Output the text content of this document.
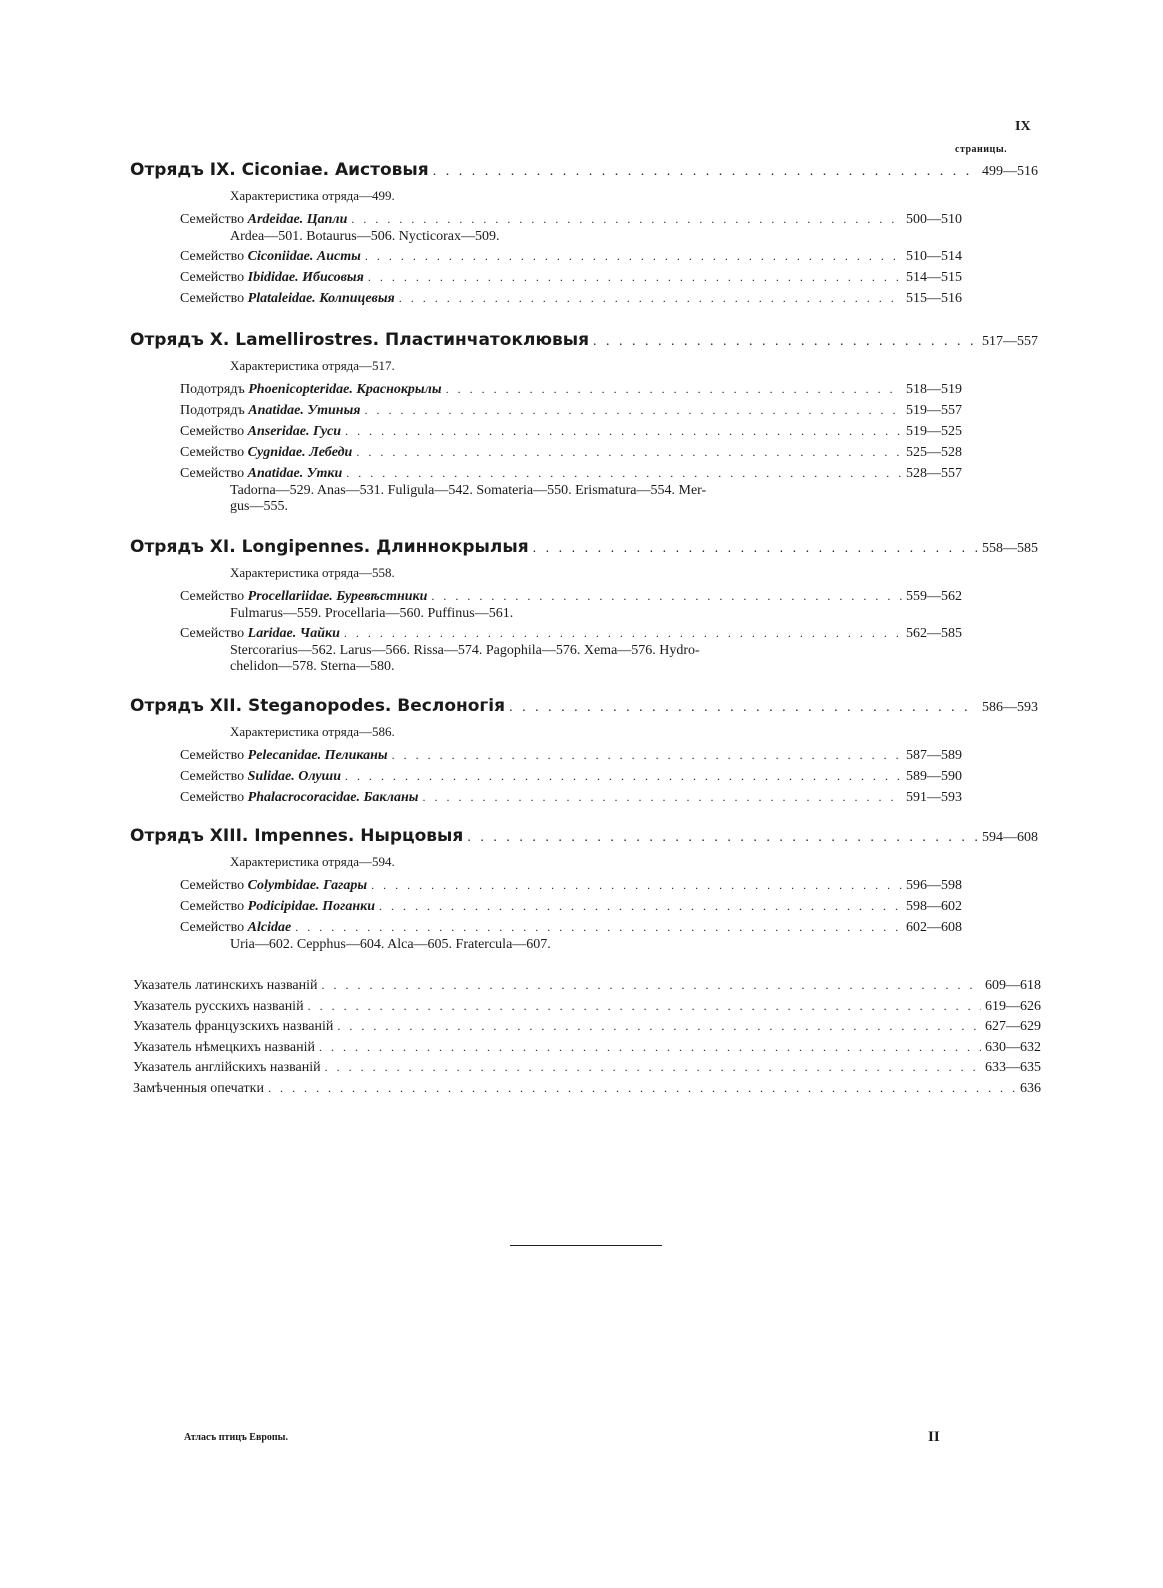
IX
страницы.
Отрядъ IX. Ciconiae. Аистовыя . . .	499—516
Характеристика отряда—499.
Семейство Ardeidae. Цапли . . .	500—510
Ardea—501. Botaurus—506. Nycticorax—509.
Семейство Ciconiidae. Аисты . . .	510—514
Семейство Ibididae. Ибисовыя . . .	514—515
Семейство Plataleidae. Колпицевыя . . .	515—516
Отрядъ X. Lamellirostres. Пластинчатоклювыя . . .	517—557
Характеристика отряда—517.
Подотрядъ Phoenicopteridae. Краснокрылы . . .	518—519
Подотрядъ Anatidae. Утиныя . . .	519—557
Семейство Anseridae. Гуси . . .	519—525
Семейство Cygnidae. Лебеди . . .	525—528
Семейство Anatidae. Утки . . .	528—557
Tadorna—529. Anas—531. Fuligula—542. Somateria—550. Erismatura—554. Mer-
gus—555.
Отрядъ XI. Longipennes. Длиннокрылыя . . .	558—585
Характеристика отряда—558.
Семейство Procellariidae. Буревѣстники . . .	559—562
Fulmarus—559. Procellaria—560. Puffinus—561.
Семейство Laridae. Чайки . . .	562—585
Stercorarius—562. Larus—566. Rissa—574. Pagophila—576. Xema—576. Hydro-
chelidon—578. Sterna—580.
Отрядъ XII. Steganopodes. Веслоногія . . .	586—593
Характеристика отряда—586.
Семейство Pelecanidae. Пеликаны . . .	587—589
Семейство Sulidae. Олуши . . .	589—590
Семейство Phalacrocoracidae. Бакланы . . .	591—593
Отрядъ XIII. Impennes. Нырцовыя . . .	594—608
Характеристика отряда—594.
Семейство Colymbidae. Гагары . . .	596—598
Семейство Podicipidae. Поганки . . .	598—602
Семейство Alcidae . . .	602—608
Uria—602. Cepphus—604. Alca—605. Fratercula—607.
Указатель латинскихъ названій . . .	609—618
Указатель русскихъ названій . . .	619—626
Указатель французскихъ названій . . .	627—629
Указатель нѣмецкихъ названій . . .	630—632
Указатель англійскихъ названій . . .	633—635
Замѣченныя опечатки . . .	636
Атласъ птицъ Европы.	II
